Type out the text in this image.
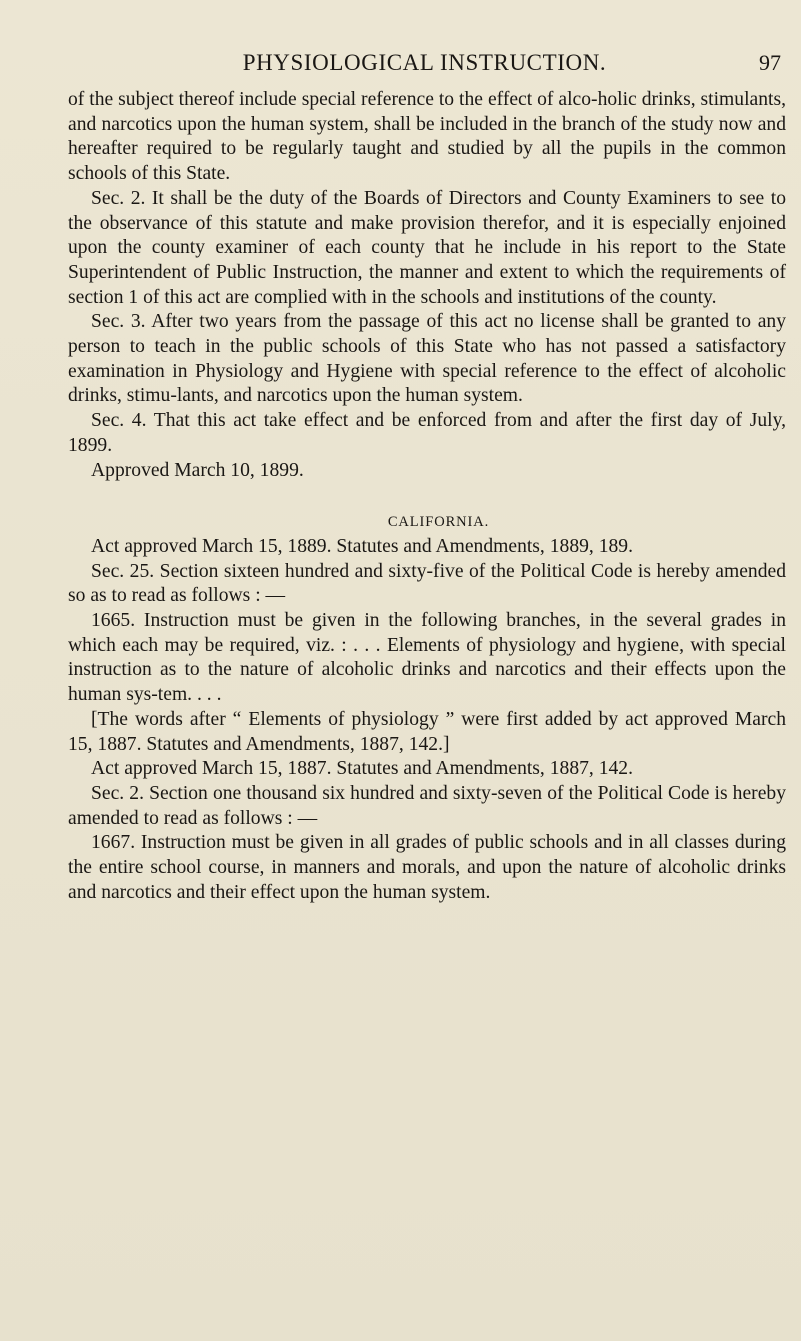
PHYSIOLOGICAL INSTRUCTION.	97

of the subject thereof include special reference to the effect of alco-holic drinks, stimulants, and narcotics upon the human system, shall be included in the branch of the study now and hereafter required to be regularly taught and studied by all the pupils in the common schools of this State.

Sec. 2. It shall be the duty of the Boards of Directors and County Examiners to see to the observance of this statute and make provision therefor, and it is especially enjoined upon the county examiner of each county that he include in his report to the State Superintendent of Public Instruction, the manner and extent to which the requirements of section 1 of this act are complied with in the schools and institutions of the county.

Sec. 3. After two years from the passage of this act no license shall be granted to any person to teach in the public schools of this State who has not passed a satisfactory examination in Physiology and Hygiene with special reference to the effect of alcoholic drinks, stimu-lants, and narcotics upon the human system.

Sec. 4. That this act take effect and be enforced from and after the first day of July, 1899.

Approved March 10, 1899.

CALIFORNIA.

Act approved March 15, 1889. Statutes and Amendments, 1889, 189.

Sec. 25. Section sixteen hundred and sixty-five of the Political Code is hereby amended so as to read as follows : —

1665. Instruction must be given in the following branches, in the several grades in which each may be required, viz. : . . . Elements of physiology and hygiene, with special instruction as to the nature of alcoholic drinks and narcotics and their effects upon the human sys-tem. . . .

[The words after “ Elements of physiology ” were first added by act approved March 15, 1887. Statutes and Amendments, 1887, 142.]

Act approved March 15, 1887. Statutes and Amendments, 1887, 142.

Sec. 2. Section one thousand six hundred and sixty-seven of the Political Code is hereby amended to read as follows : —

1667. Instruction must be given in all grades of public schools and in all classes during the entire school course, in manners and morals, and upon the nature of alcoholic drinks and narcotics and their effect upon the human system.
